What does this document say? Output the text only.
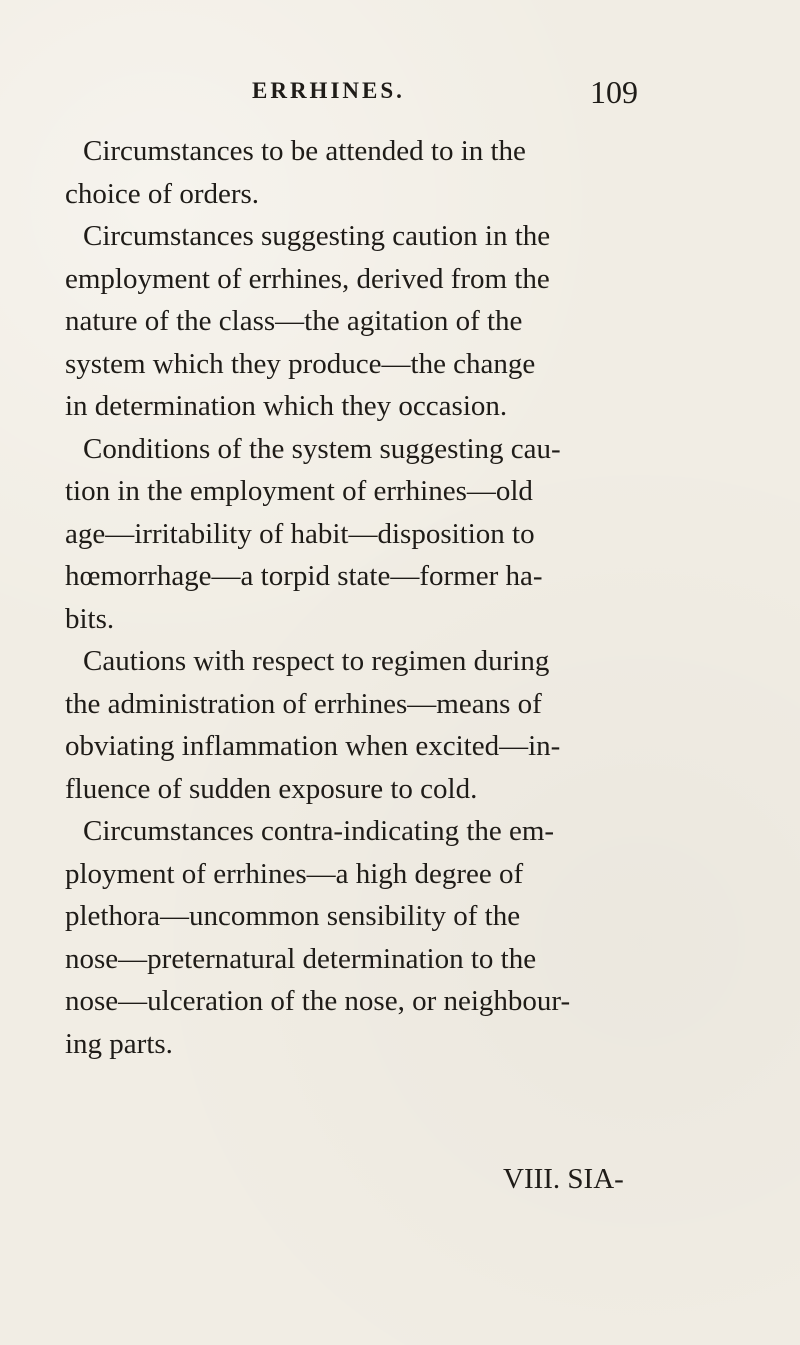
ERRHINES.	109
Circumstances to be attended to in the
choice of orders.
Circumstances suggesting caution in the
employment of errhines, derived from the
nature of the class—the agitation of the
system which they produce—the change
in determination which they occasion.
Conditions of the system suggesting cau-
tion in the employment of errhines—old
age—irritability of habit—disposition to
hœmorrhage—a torpid state—former ha-
bits.
Cautions with respect to regimen during
the administration of errhines—means of
obviating inflammation when excited—in-
fluence of sudden exposure to cold.
Circumstances contra-indicating the em-
ployment of errhines—a high degree of
plethora—uncommon sensibility of the
nose—preternatural determination to the
nose—ulceration of the nose, or neighbour-
ing parts.
VIII. SIA-
